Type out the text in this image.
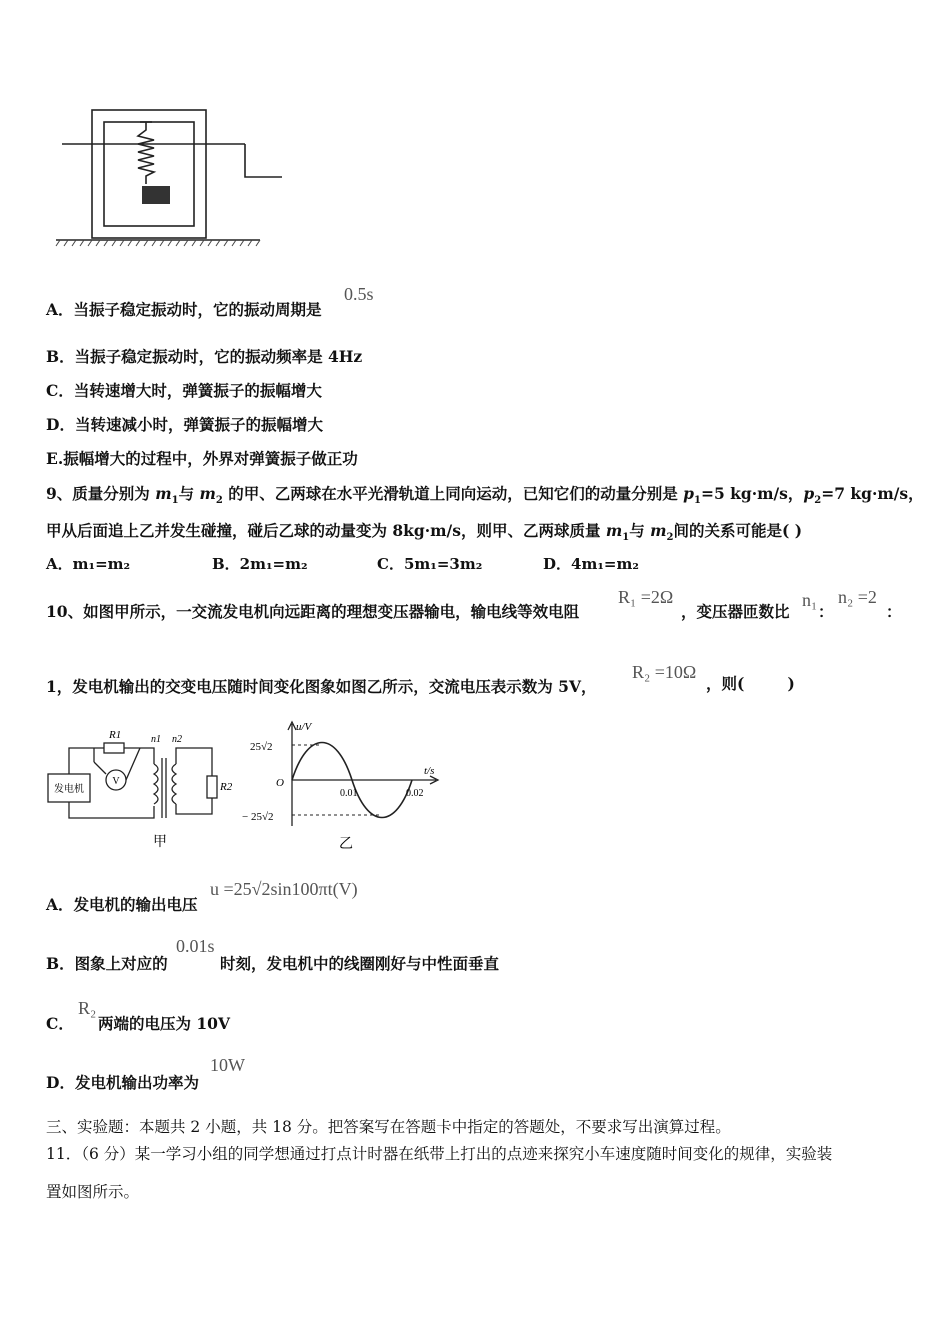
A．当振子稳定振动时，它的振动周期是
0.5s
B．当振子稳定振动时，它的振动频率是 4Hz
C．当转速增大时，弹簧振子的振幅增大
D．当转速减小时，弹簧振子的振幅增大
E.振幅增大的过程中，外界对弹簧振子做正功
9、质量分别为 $m_1$与 $m_2$ 的甲、乙两球在水平光滑轨道上同向运动，已知它们的动量分别是 $p_1=5$ kg·m/s，$p_2=7$ kg·m/s，
甲从后面追上乙并发生碰撞，碰后乙球的动量变为 8kg·m/s，则甲、乙两球质量 $m_1$与 $m_2$间的关系可能是( )
A．m₁=m₂	B．2m₁=m₂	C．5m₁=3m₂	D．4m₁=m₂
10、如图甲所示，一交流发电机向远距离的理想变压器输电，输电线等效电阻
R₁ =2Ω
，变压器匝数比
n₁
：
n₂ =2
：
1，发电机输出的交变电压随时间变化图象如图乙所示，交流电压表示数为 5V，
R₂ =10Ω
，则(        )
发电机
R1	n1 n2
R2
V
甲
u/V
t/s
25√2
− 25√2
O
0.01	0.02
乙
A．发电机的输出电压
u =25√2sin100πt(V)
B．图象上对应的
0.01s
时刻，发电机中的线圈刚好与中性面垂直
C．
R₂
两端的电压为 10V
D．发电机输出功率为
10W
三、实验题：本题共 2 小题，共 18 分。把答案写在答题卡中指定的答题处，不要求写出演算过程。
11．（6 分）某一学习小组的同学想通过打点计时器在纸带上打出的点迹来探究小车速度随时间变化的规律，实验装
置如图所示。
